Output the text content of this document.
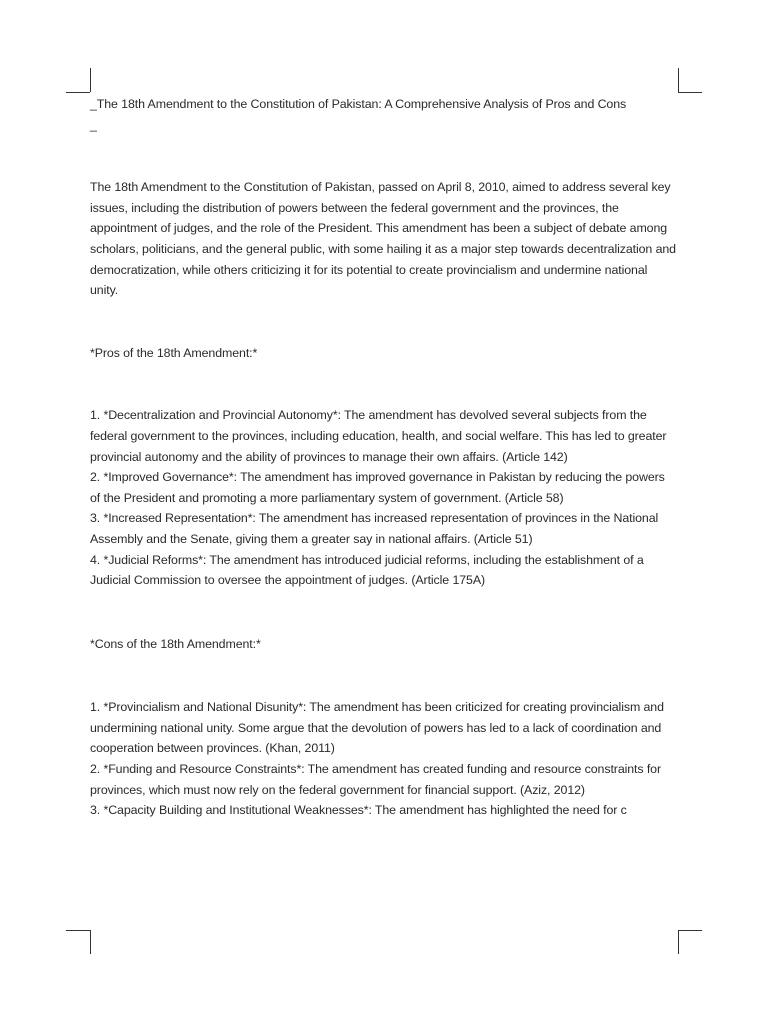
_The 18th Amendment to the Constitution of Pakistan: A Comprehensive Analysis of Pros and Cons

_

The 18th Amendment to the Constitution of Pakistan, passed on April 8, 2010, aimed to address several key issues, including the distribution of powers between the federal government and the provinces, the appointment of judges, and the role of the President. This amendment has been a subject of debate among scholars, politicians, and the general public, with some hailing it as a major step towards decentralization and democratization, while others criticizing it for its potential to create provincialism and undermine national unity.

*Pros of the 18th Amendment:*

1. *Decentralization and Provincial Autonomy*: The amendment has devolved several subjects from the federal government to the provinces, including education, health, and social welfare. This has led to greater provincial autonomy and the ability of provinces to manage their own affairs. (Article 142)

2. *Improved Governance*: The amendment has improved governance in Pakistan by reducing the powers of the President and promoting a more parliamentary system of government. (Article 58)

3. *Increased Representation*: The amendment has increased representation of provinces in the National Assembly and the Senate, giving them a greater say in national affairs. (Article 51)

4. *Judicial Reforms*: The amendment has introduced judicial reforms, including the establishment of a Judicial Commission to oversee the appointment of judges. (Article 175A)

*Cons of the 18th Amendment:*

1. *Provincialism and National Disunity*: The amendment has been criticized for creating provincialism and undermining national unity. Some argue that the devolution of powers has led to a lack of coordination and cooperation between provinces. (Khan, 2011)

2. *Funding and Resource Constraints*: The amendment has created funding and resource constraints for provinces, which must now rely on the federal government for financial support. (Aziz, 2012)

3. *Capacity Building and Institutional Weaknesses*: The amendment has highlighted the need for c
